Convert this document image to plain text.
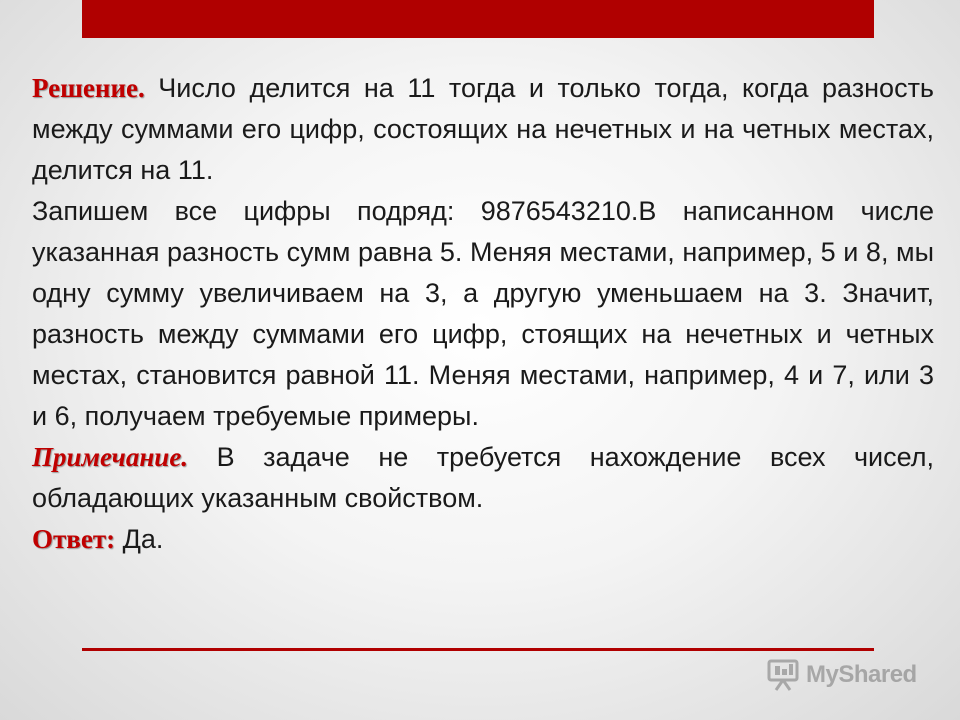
Решение. Число делится на 11 тогда и только тогда, когда разность между суммами его цифр, состоящих на нечетных и на четных местах, делится на 11.

Запишем все цифры подряд: 9876543210.В написанном числе указанная разность сумм равна 5. Меняя местами, например, 5 и 8, мы одну сумму увеличиваем на 3, а другую уменьшаем на 3. Значит, разность между суммами его цифр, стоящих на нечетных и четных местах, становится равной 11. Меняя местами, например, 4 и 7, или 3 и 6, получаем требуемые примеры.

Примечание. В задаче не требуется нахождение всех чисел, обладающих указанным свойством.

Ответ: Да.

MyShared
